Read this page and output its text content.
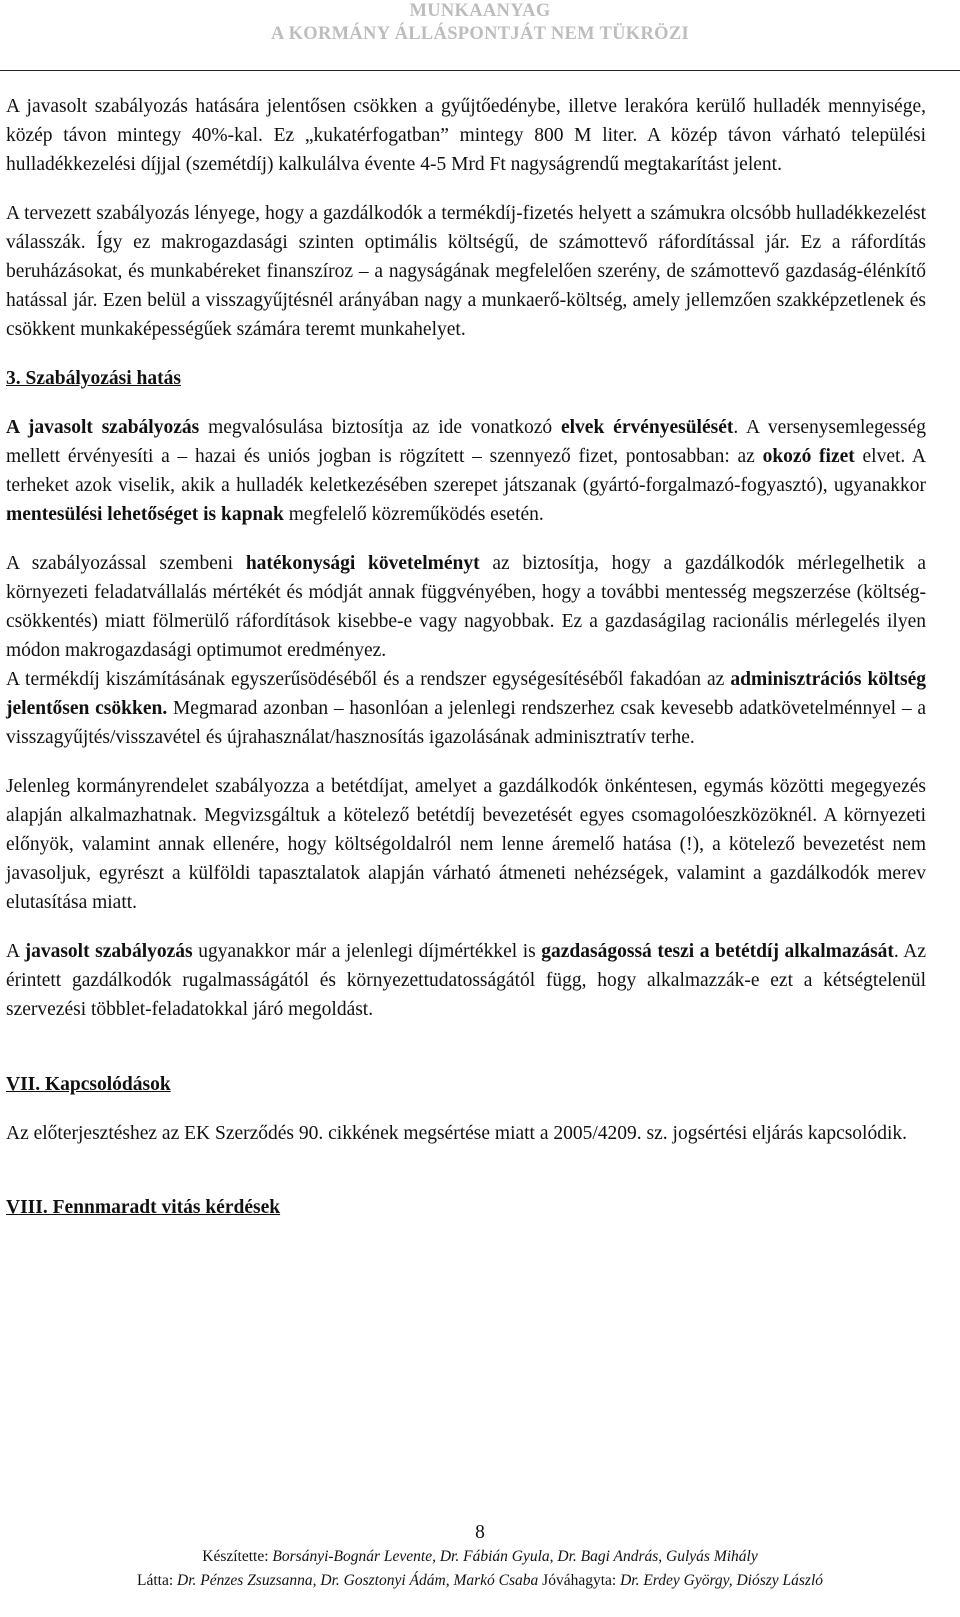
MUNKAANYAG
A KORMÁNY ÁLLÁSPONTJÁT NEM TÜKRÖZI

A javasolt szabályozás hatására jelentősen csökken a gyűjtőedénybe, illetve lerakóra kerülő hulladék mennyisége, közép távon mintegy 40%-kal. Ez „kukatérfogatban” mintegy 800 M liter. A közép távon várható települési hulladékkezelési díjjal (szemétdíj) kalkulálva évente 4-5 Mrd Ft nagyságrendű megtakarítást jelent.

A tervezett szabályozás lényege, hogy a gazdálkodók a termékdíj-fizetés helyett a számukra olcsóbb hulladékkezelést válasszák. Így ez makrogazdasági szinten optimális költségű, de számottevő ráfordítással jár. Ez a ráfordítás beruházásokat, és munkabéreket finanszíroz – a nagyságának megfelelően szerény, de számottevő gazdaság-élénkítő hatással jár. Ezen belül a visszagyűjtésnél arányában nagy a munkaerő-költség, amely jellemzően szakképzetlenek és csökkent munkaképességűek számára teremt munkahelyet.

3. Szabályozási hatás

A javasolt szabályozás megvalósulása biztosítja az ide vonatkozó elvek érvényesülését. A versenysemlegesség mellett érvényesíti a – hazai és uniós jogban is rögzített – szennyező fizet, pontosabban: az okozó fizet elvet. A terheket azok viselik, akik a hulladék keletkezésében szerepet játszanak (gyártó-forgalmazó-fogyasztó), ugyanakkor mentesülési lehetőséget is kapnak megfelelő közreműködés esetén.

A szabályozással szembeni hatékonysági követelményt az biztosítja, hogy a gazdálkodók mérlegelhetik a környezeti feladatvállalás mértékét és módját annak függvényében, hogy a további mentesség megszerzése (költség-csökkentés) miatt fölmerülő ráfordítások kisebbe-e vagy nagyobbak. Ez a gazdaságilag racionális mérlegelés ilyen módon makrogazdasági optimumot eredményez.

A termékdíj kiszámításának egyszerűsödéséből és a rendszer egységesítéséből fakadóan az adminisztrációs költség jelentősen csökken. Megmarad azonban – hasonlóan a jelenlegi rendszerhez csak kevesebb adatkövetelménnyel – a visszagyűjtés/visszavétel és újrahasználat/hasznosítás igazolásának adminisztratív terhe.

Jelenleg kormányrendelet szabályozza a betétdíjat, amelyet a gazdálkodók önkéntesen, egymás közötti megegyezés alapján alkalmazhatnak. Megvizsgáltuk a kötelező betétdíj bevezetését egyes csomagolóeszközöknél. A környezeti előnyök, valamint annak ellenére, hogy költségoldalról nem lenne áremelő hatása (!), a kötelező bevezetést nem javasoljuk, egyrészt a külföldi tapasztalatok alapján várható átmeneti nehézségek, valamint a gazdálkodók merev elutasítása miatt.

A javasolt szabályozás ugyanakkor már a jelenlegi díjmértékkel is gazdaságossá teszi a betétdíj alkalmazását. Az érintett gazdálkodók rugalmasságától és környezettudatosságától függ, hogy alkalmazzák-e ezt a kétségtelenül szervezési többlet-feladatokkal járó megoldást.

VII. Kapcsolódások

Az előterjesztéshez az EK Szerződés 90. cikkének megsértése miatt a 2005/4209. sz. jogsértési eljárás kapcsolódik.

VIII. Fennmaradt vitás kérdések

8
Készítette: Borsányi-Bognár Levente, Dr. Fábián Gyula, Dr. Bagi András, Gulyás Mihály
Látta: Dr. Pénzes Zsuzsanna, Dr. Gosztonyi Ádám, Markó Csaba Jóváhagyta: Dr. Erdey György, Diószy László
